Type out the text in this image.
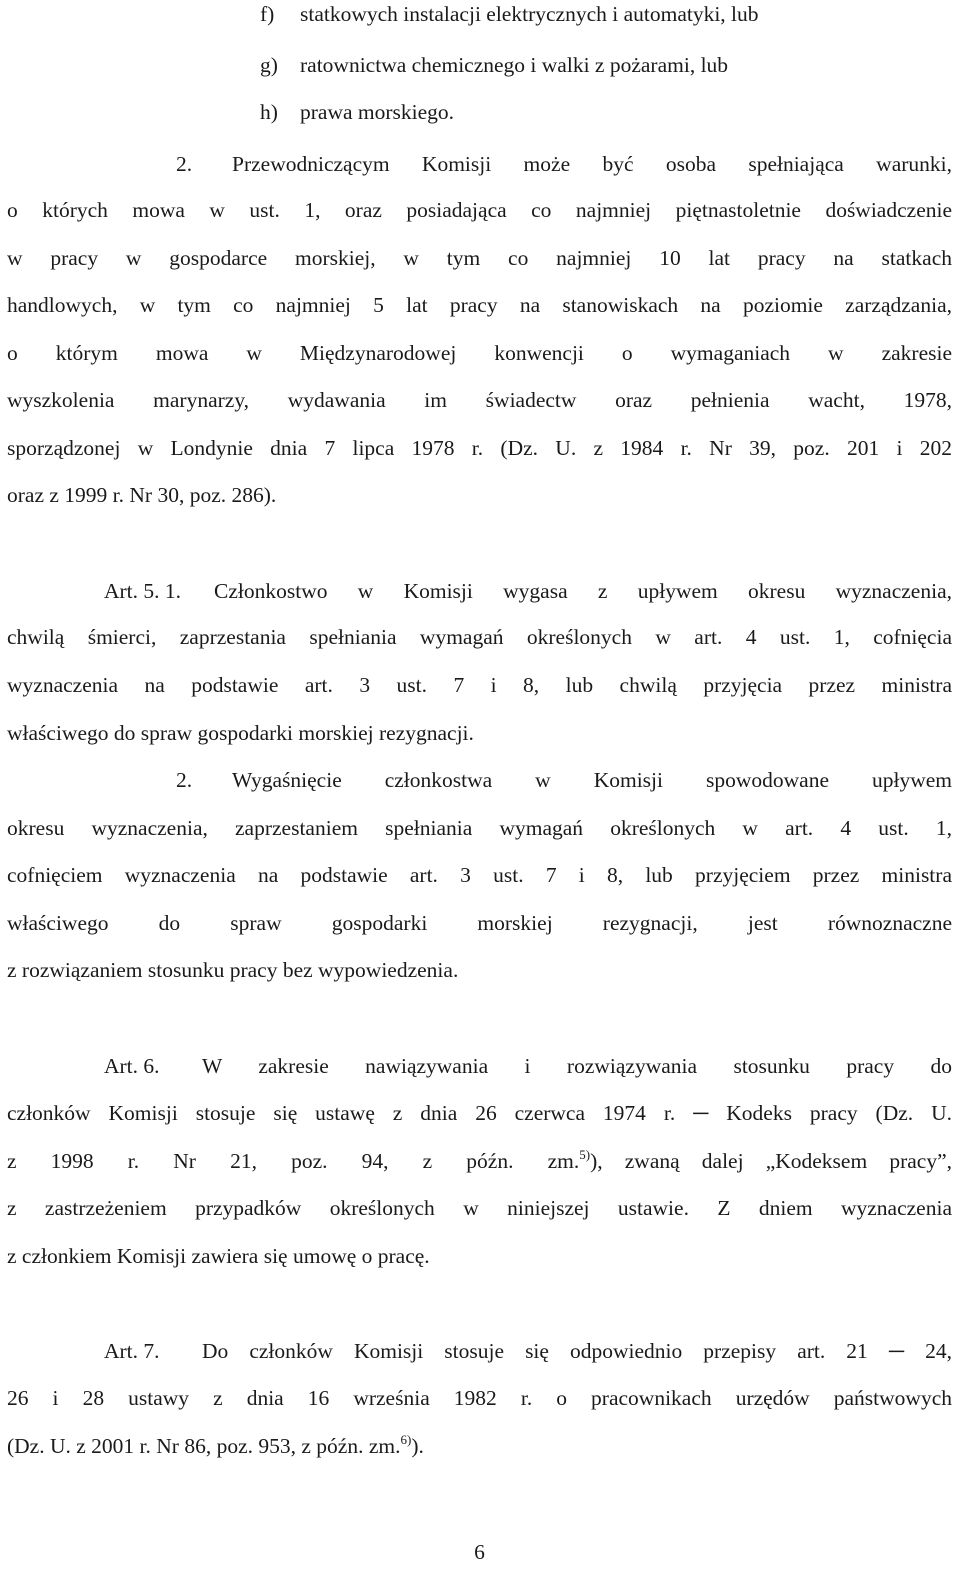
f) statkowych instalacji elektrycznych i automatyki, lub
g) ratownictwa chemicznego i walki z pożarami, lub
h) prawa morskiego.
2. Przewodniczącym Komisji może być osoba spełniająca warunki,
o których mowa w ust. 1, oraz posiadająca co najmniej piętnastoletnie doświadczenie
w pracy w gospodarce morskiej, w tym co najmniej 10 lat pracy na statkach
handlowych, w tym co najmniej 5 lat pracy na stanowiskach na poziomie zarządzania,
o którym mowa w Międzynarodowej konwencji o wymaganiach w zakresie
wyszkolenia marynarzy, wydawania im świadectw oraz pełnienia wacht, 1978,
sporządzonej w Londynie dnia 7 lipca 1978 r. (Dz. U. z 1984 r. Nr 39, poz. 201 i 202
oraz z 1999 r. Nr 30, poz. 286).
Art. 5. 1. Członkostwo w Komisji wygasa z upływem okresu wyznaczenia,
chwilą śmierci, zaprzestania spełniania wymagań określonych w art. 4 ust. 1, cofnięcia
wyznaczenia na podstawie art. 3 ust. 7 i 8, lub chwilą przyjęcia przez ministra
właściwego do spraw gospodarki morskiej rezygnacji.
2. Wygaśnięcie członkostwa w Komisji spowodowane upływem
okresu wyznaczenia, zaprzestaniem spełniania wymagań określonych w art. 4 ust. 1,
cofnięciem wyznaczenia na podstawie art. 3 ust. 7 i 8, lub przyjęciem przez ministra
właściwego do spraw gospodarki morskiej rezygnacji, jest równoznaczne
z rozwiązaniem stosunku pracy bez wypowiedzenia.
Art. 6. W zakresie nawiązywania i rozwiązywania stosunku pracy do
członków Komisji stosuje się ustawę z dnia 26 czerwca 1974 r. ─ Kodeks pracy (Dz. U.
z 1998 r. Nr 21, poz. 94, z późn. zm.$^{5)}$), zwaną dalej „Kodeksem pracy”,
z zastrzeżeniem przypadków określonych w niniejszej ustawie. Z dniem wyznaczenia
z członkiem Komisji zawiera się umowę o pracę.
Art. 7. Do członków Komisji stosuje się odpowiednio przepisy art. 21 ─ 24,
26 i 28 ustawy z dnia 16 września 1982 r. o pracownikach urzędów państwowych
(Dz. U. z 2001 r. Nr 86, poz. 953, z późn. zm.$^{6)}$).
6
